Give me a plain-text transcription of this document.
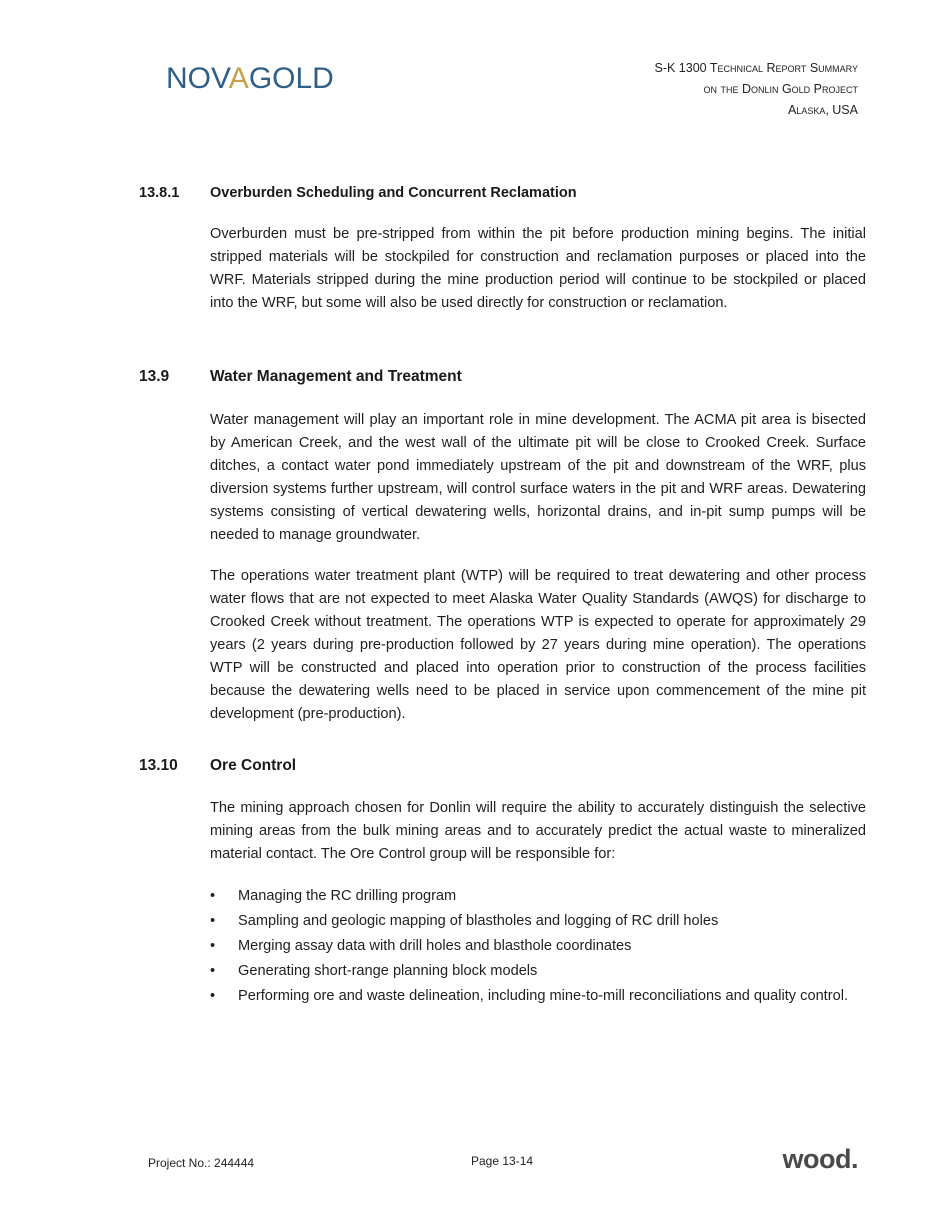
NOVAGOLD	S-K 1300 Technical Report Summary
on the Donlin Gold Project
Alaska, USA
13.8.1 Overburden Scheduling and Concurrent Reclamation
Overburden must be pre-stripped from within the pit before production mining begins. The initial stripped materials will be stockpiled for construction and reclamation purposes or placed into the WRF. Materials stripped during the mine production period will continue to be stockpiled or placed into the WRF, but some will also be used directly for construction or reclamation.
13.9	Water Management and Treatment
Water management will play an important role in mine development. The ACMA pit area is bisected by American Creek, and the west wall of the ultimate pit will be close to Crooked Creek. Surface ditches, a contact water pond immediately upstream of the pit and downstream of the WRF, plus diversion systems further upstream, will control surface waters in the pit and WRF areas. Dewatering systems consisting of vertical dewatering wells, horizontal drains, and in-pit sump pumps will be needed to manage groundwater.
The operations water treatment plant (WTP) will be required to treat dewatering and other process water flows that are not expected to meet Alaska Water Quality Standards (AWQS) for discharge to Crooked Creek without treatment. The operations WTP is expected to operate for approximately 29 years (2 years during pre-production followed by 27 years during mine operation). The operations WTP will be constructed and placed into operation prior to construction of the process facilities because the dewatering wells need to be placed in service upon commencement of the mine pit development (pre-production).
13.10 Ore Control
The mining approach chosen for Donlin will require the ability to accurately distinguish the selective mining areas from the bulk mining areas and to accurately predict the actual waste to mineralized material contact. The Ore Control group will be responsible for:
• Managing the RC drilling program
• Sampling and geologic mapping of blastholes and logging of RC drill holes
• Merging assay data with drill holes and blasthole coordinates
• Generating short-range planning block models
• Performing ore and waste delineation, including mine-to-mill reconciliations and quality control.
Project No.: 244444	Page 13-14	wood.
